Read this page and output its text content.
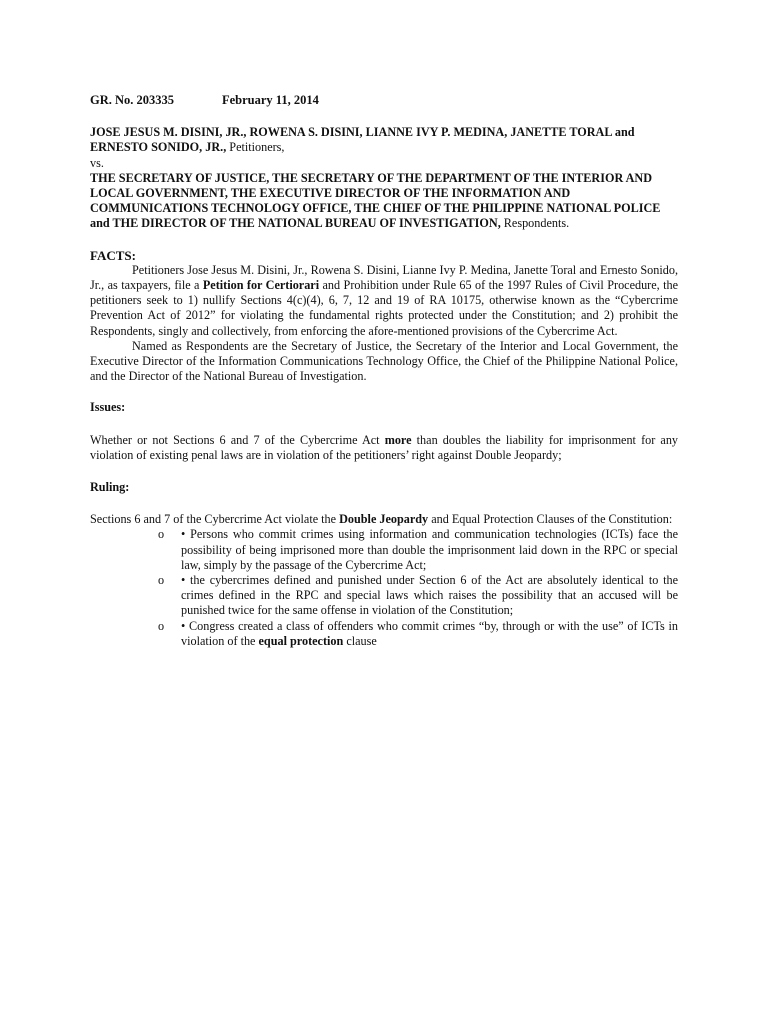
GR. No. 203335	February 11, 2014

JOSE JESUS M. DISINI, JR., ROWENA S. DISINI, LIANNE IVY P. MEDINA, JANETTE TORAL and ERNESTO SONIDO, JR., Petitioners,

vs.

THE SECRETARY OF JUSTICE, THE SECRETARY OF THE DEPARTMENT OF THE INTERIOR AND LOCAL GOVERNMENT, THE EXECUTIVE DIRECTOR OF THE INFORMATION AND COMMUNICATIONS TECHNOLOGY OFFICE, THE CHIEF OF THE PHILIPPINE NATIONAL POLICE and THE DIRECTOR OF THE NATIONAL BUREAU OF INVESTIGATION, Respondents.

FACTS:

Petitioners Jose Jesus M. Disini, Jr., Rowena S. Disini, Lianne Ivy P. Medina, Janette Toral and Ernesto Sonido, Jr., as taxpayers, file a Petition for Certiorari and Prohibition under Rule 65 of the 1997 Rules of Civil Procedure, the petitioners seek to 1) nullify Sections 4(c)(4), 6, 7, 12 and 19 of RA 10175, otherwise known as the “Cybercrime Prevention Act of 2012” for violating the fundamental rights protected under the Constitution; and 2) prohibit the Respondents, singly and collectively, from enforcing the afore-mentioned provisions of the Cybercrime Act.

Named as Respondents are the Secretary of Justice, the Secretary of the Interior and Local Government, the Executive Director of the Information Communications Technology Office, the Chief of the Philippine National Police, and the Director of the National Bureau of Investigation.

Issues:

Whether or not Sections 6 and 7 of the Cybercrime Act more than doubles the liability for imprisonment for any violation of existing penal laws are in violation of the petitioners’ right against Double Jeopardy;

Ruling:

Sections 6 and 7 of the Cybercrime Act violate the Double Jeopardy and Equal Protection Clauses of the Constitution:

o • Persons who commit crimes using information and communication technologies (ICTs) face the possibility of being imprisoned more than double the imprisonment laid down in the RPC or special law, simply by the passage of the Cybercrime Act;
o • the cybercrimes defined and punished under Section 6 of the Act are absolutely identical to the crimes defined in the RPC and special laws which raises the possibility that an accused will be punished twice for the same offense in violation of the Constitution;
o • Congress created a class of offenders who commit crimes “by, through or with the use” of ICTs in violation of the equal protection clause
